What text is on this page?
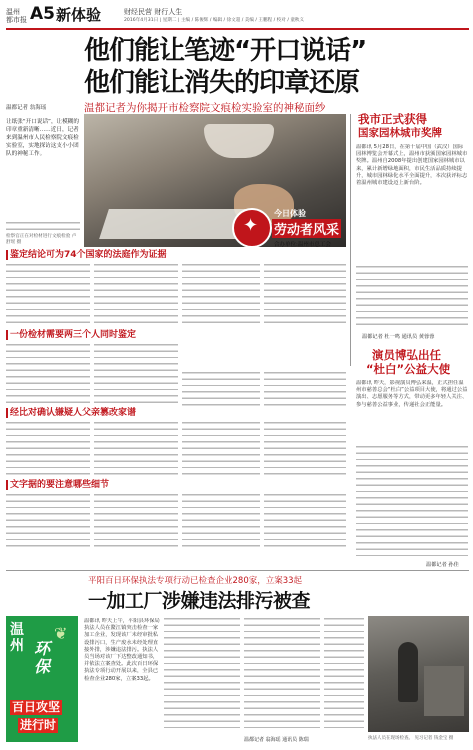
温州
都市报 A5 新体验	财经民营 财行人生
2016年4月31日 | 星期二 | 主编 / 陈俊辉 / 编辑 / 徐文超 / 美编 / 王鹏程 / 校对 / 童秋义
他们能让笔迹“开口说话”
他们能让消失的印章还原
温都记者为你揭开市检察院文痕检实验室的神秘面纱
温都记者 翁海瑶
让纸张“开口说话”，让模糊的印章重新清晰……近日，记者来到温州市人民检察院文痕检实验室，实地探访这支小小团队的神秘工作。
检察官正在对检材进行文痕检验 卢舒瑶 摄
✦
今日体验
劳动者风采
合办单位:温州市总工会
我市正式获得
国家园林城市奖牌
温都讯 5月28日，在第十届中国（武汉）国际园林博览会开幕式上，温州市获颁国家园林城市奖牌。温州自2008年提出创建国家园林城市以来，累计新增绿地面积，市民生活品质持续提升，城市园林绿化水平全面提升，本次获评标志着温州城市建设迈上新台阶。
温都记者 杜一鸣 通讯员 黄蓉蓉
演员博弘出任
“杜白”公益大使
温都讯 昨天，影视演员博弘来温，正式担任温州市慈善总会“杜白”公益项目大使，将通过公益演出、志愿服务等方式，带动更多年轻人关注、参与慈善公益事业，传递社会正能量。
温都记者 孙佳
鉴定结论可为74个国家的法庭作为证据
一份检材需要两三个人同时鉴定
经比对确认嫌疑人父亲篡改家谱
文字据的要注意哪些细节
平阳百日环保执法专项行动已检查企业280家，立案33起
一加工厂涉嫌违法排污被查
温州 环保
❦
百日攻坚
进行时
温都讯 昨天上午，平阳县环保局执法人员在鳌江镇突击检查一家加工企业，发现该厂未经审批私设排污口，生产废水未经处理直接外排，涉嫌违法排污。执法人员当场对该厂下达整改通知书，并依法立案查处。此次百日环保执法专项行动开展以来，全县已检查企业280家，立案33起。
温都记者 翁海瑶 通讯员 陈瑞	执法人员在现场检查。 见习记者 钱金宝 摄
